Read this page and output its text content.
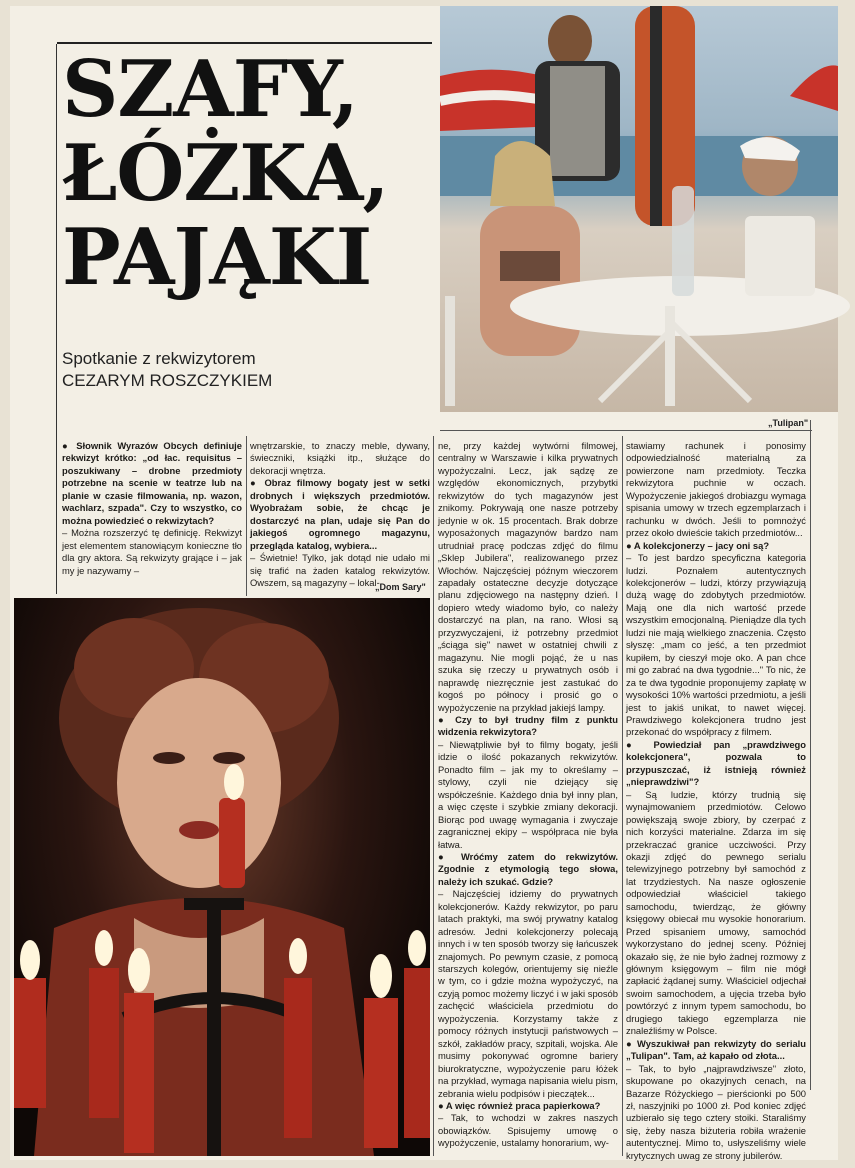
SZAFY,
ŁÓŻKA,
PAJĄKI
Spotkanie z rekwizytorem
CEZARYM ROSZCZYKIEM
„Tulipan"
„Dom Sary"

● Słownik Wyrazów Obcych definiuje rekwizyt krótko: „od łac. requisitus – poszukiwany – drobne przedmioty potrzebne na scenie w teatrze lub na planie w czasie filmowania, np. wazon, wachlarz, szpada". Czy to wszystko, co można powiedzieć o rekwizytach?

– Można rozszerzyć tę definicję. Rekwizyt jest elementem stanowiącym konieczne tło dla gry aktora. Są rekwizyty grające i – jak my je nazywamy –

wnętrzarskie, to znaczy meble, dywany, świeczniki, książki itp., służące do dekoracji wnętrza.

● Obraz filmowy bogaty jest w setki drobnych i większych przedmiotów. Wyobrażam sobie, że chcąc je dostarczyć na plan, udaje się Pan do jakiegoś ogromnego magazynu, przegląda katalog, wybiera...

– Świetnie! Tylko, jak dotąd nie udało mi się trafić na żaden katalog rekwizytów. Owszem, są magazyny – lokal-

ne, przy każdej wytwórni filmowej, centralny w Warszawie i kilka prywatnych wypożyczalni. Lecz, jak sądzę ze względów ekonomicznych, przybytki rekwizytów do tych magazynów jest znikomy. Pokrywają one nasze potrzeby jedynie w ok. 15 procentach. Brak dobrze wyposażonych magazynów bardzo nam utrudniał pracę podczas zdjęć do filmu „Sklep Jubilera", realizowanego przez Włochów. Najczęściej późnym wieczorem zapadały ostateczne decyzje dotyczące planu zdjęciowego na następny dzień. I dopiero wtedy wiadomo było, co należy dostarczyć na plan, na rano. Włosi są przyzwyczajeni, iż potrzebny przedmiot „ściąga się" nawet w ostatniej chwili z magazynu. Nie mogli pojąć, że u nas szuka się rzeczy u prywatnych osób i naprawdę niezręcznie jest zastukać do kogoś po północy i prosić go o wypożyczenie na przykład jakiejś lampy.

● Czy to był trudny film z punktu widzenia rekwizytora?

– Niewątpliwie był to filmy bogaty, jeśli idzie o ilość pokazanych rekwizytów. Ponadto film – jak my to określamy – stylowy, czyli nie dziejący się współcześnie. Każdego dnia był inny plan, a więc częste i szybkie zmiany dekoracji. Biorąc pod uwagę wymagania i zwyczaje zagranicznej ekipy – współpraca nie była łatwa.

● Wróćmy zatem do rekwizytów. Zgodnie z etymologią tego słowa, należy ich szukać. Gdzie?

– Najczęściej idziemy do prywatnych kolekcjonerów. Każdy rekwizytor, po paru latach praktyki, ma swój prywatny katalog adresów. Jedni kolekcjonerzy polecają innych i w ten sposób tworzy się łańcuszek znajomych. Po pewnym czasie, z pomocą starszych kolegów, orientujemy się nieźle w tym, co i gdzie można wypożyczyć, na czyją pomoc możemy liczyć i w jaki sposób zachęcić właściciela przedmiotu do wypożyczenia. Korzystamy także z pomocy różnych instytucji państwowych – szkół, zakładów pracy, szpitali, wojska. Ale musimy pokonywać ogromne bariery biurokratyczne, wypożyczenie paru łóżek na przykład, wymaga napisania wielu pism, zebrania wielu podpisów i pieczątek...

● A więc również praca papierkowa?

– Tak, to wchodzi w zakres naszych obowiązków. Spisujemy umowę o wypożyczenie, ustalamy honorarium, wy-

stawiamy rachunek i ponosimy odpowiedzialność materialną za powierzone nam przedmioty. Teczka rekwizytora puchnie w oczach. Wypożyczenie jakiegoś drobiazgu wymaga spisania umowy w trzech egzemplarzach i rachunku w dwóch. Jeśli to pomnożyć przez około dwieście takich przedmiotów...

● A kolekcjonerzy – jacy oni są?

– To jest bardzo specyficzna kategoria ludzi. Poznałem autentycznych kolekcjonerów – ludzi, którzy przywiązują dużą wagę do zdobytych przedmiotów. Mają one dla nich wartość przede wszystkim emocjonalną. Pieniądze dla tych ludzi nie mają wielkiego znaczenia. Często słyszę: „mam co jeść, a ten przedmiot kupiłem, by cieszył moje oko. A pan chce mi go zabrać na dwa tygodnie..." To nic, że za te dwa tygodnie proponujemy zapłatę w wysokości 10% wartości przedmiotu, a jeśli jest to jakiś unikat, to nawet więcej. Prawdziwego kolekcjonera trudno jest przekonać do współpracy z filmem.

● Powiedział pan „prawdziwego kolekcjonera", pozwala to przypuszczać, iż istnieją również „nieprawdziwi"?

– Są ludzie, którzy trudnią się wynajmowaniem przedmiotów. Celowo powiększają swoje zbiory, by czerpać z nich korzyści materialne. Zdarza im się przekraczać granice uczciwości. Przy okazji zdjęć do pewnego serialu telewizyjnego potrzebny był samochód z lat trzydziestych. Na nasze ogłoszenie odpowiedział właściciel takiego samochodu, twierdząc, że główny księgowy obiecał mu wysokie honorarium. Przed spisaniem umowy, samochód wykorzystano do jednej sceny. Później okazało się, że nie było żadnej rozmowy z głównym księgowym – film nie mógł zapłacić żądanej sumy. Właściciel odjechał swoim samochodem, a ujęcia trzeba było powtórzyć z innym typem samochodu, bo drugiego takiego egzemplarza nie znaleźliśmy w Polsce.

● Wyszukiwał pan rekwizyty do serialu „Tulipan". Tam, aż kapało od złota...

– Tak, to było „najprawdziwsze" złoto, skupowane po okazyjnych cenach, na Bazarze Różyckiego – pierścionki po 500 zł, naszyjniki po 1000 zł. Pod koniec zdjęć uzbierało się tego cztery stoiki. Staraliśmy się, żeby nasza biżuteria robiła wrażenie autentycznej. Mimo to, usłyszeliśmy wiele krytycznych uwag ze strony jubilerów.
